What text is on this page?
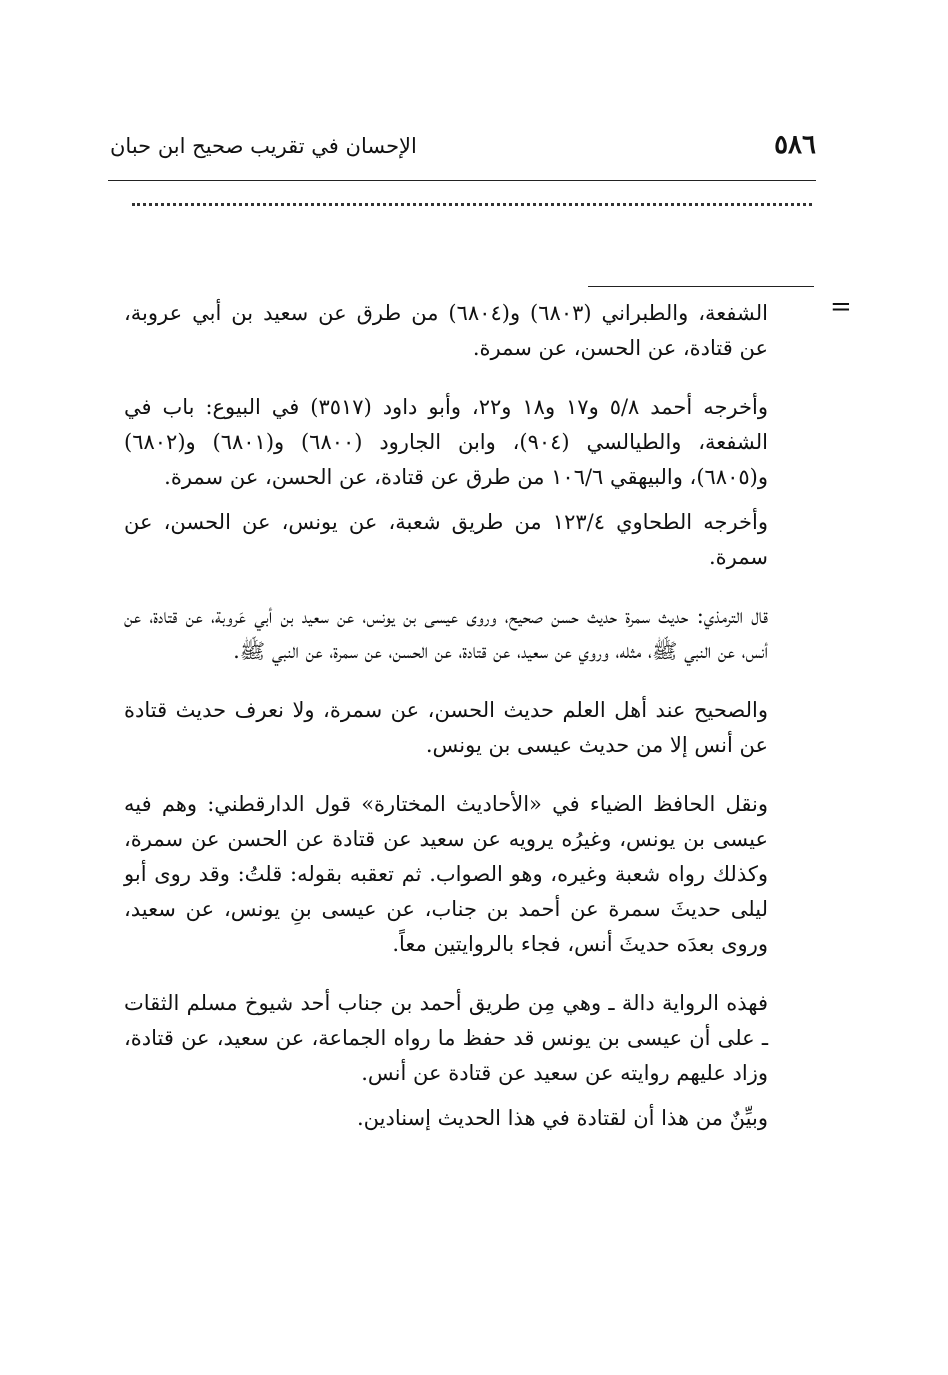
٥٨٦
الإحسان في تقريب صحيح ابن حبان
=

الشفعة، والطبراني (٦٨٠٣) و(٦٨٠٤) من طرق عن سعيد بن أبي عروبة، عن قتادة، عن الحسن، عن سمرة.

وأخرجه أحمد ٥/٨ و١٧ و١٨ و٢٢، وأبو داود (٣٥١٧) في البيوع: باب في الشفعة، والطيالسي (٩٠٤)، وابن الجارود (٦٨٠٠) و(٦٨٠١) و(٦٨٠٢) و(٦٨٠٥)، والبيهقي ١٠٦/٦ من طرق عن قتادة، عن الحسن، عن سمرة.

وأخرجه الطحاوي ١٢٣/٤ من طريق شعبة، عن يونس، عن الحسن، عن سمرة.

قال الترمذي: حديث سمرة حديث حسن صحيح، وروى عيسى بن يونس، عن سعيد بن أبي عَروبة، عن قتادة، عن أنس، عن النبي ﷺ، مثله، وروي عن سعيد، عن قتادة، عن الحسن، عن سمرة، عن النبي ﷺ.

والصحيح عند أهل العلم حديث الحسن، عن سمرة، ولا نعرف حديث قتادة عن أنس إلا من حديث عيسى بن يونس.

ونقل الحافظ الضياء في «الأحاديث المختارة» قول الدارقطني: وهم فيه عيسى بن يونس، وغيرُه يرويه عن سعيد عن قتادة عن الحسن عن سمرة، وكذلك رواه شعبة وغيره، وهو الصواب. ثم تعقبه بقوله: قلتُ: وقد روى أبو ليلى حديثَ سمرة عن أحمد بن جناب، عن عيسى بنِ يونس، عن سعيد، وروى بعدَه حديثَ أنس، فجاء بالروايتين معاً.

فهذه الرواية دالة ـ وهي مِن طريق أحمد بن جناب أحد شيوخ مسلم الثقات ـ على أن عيسى بن يونس قد حفظ ما رواه الجماعة، عن سعيد، عن قتادة، وزاد عليهم روايته عن سعيد عن قتادة عن أنس.

وبيِّنٌ من هذا أن لقتادة في هذا الحديث إسنادين.
